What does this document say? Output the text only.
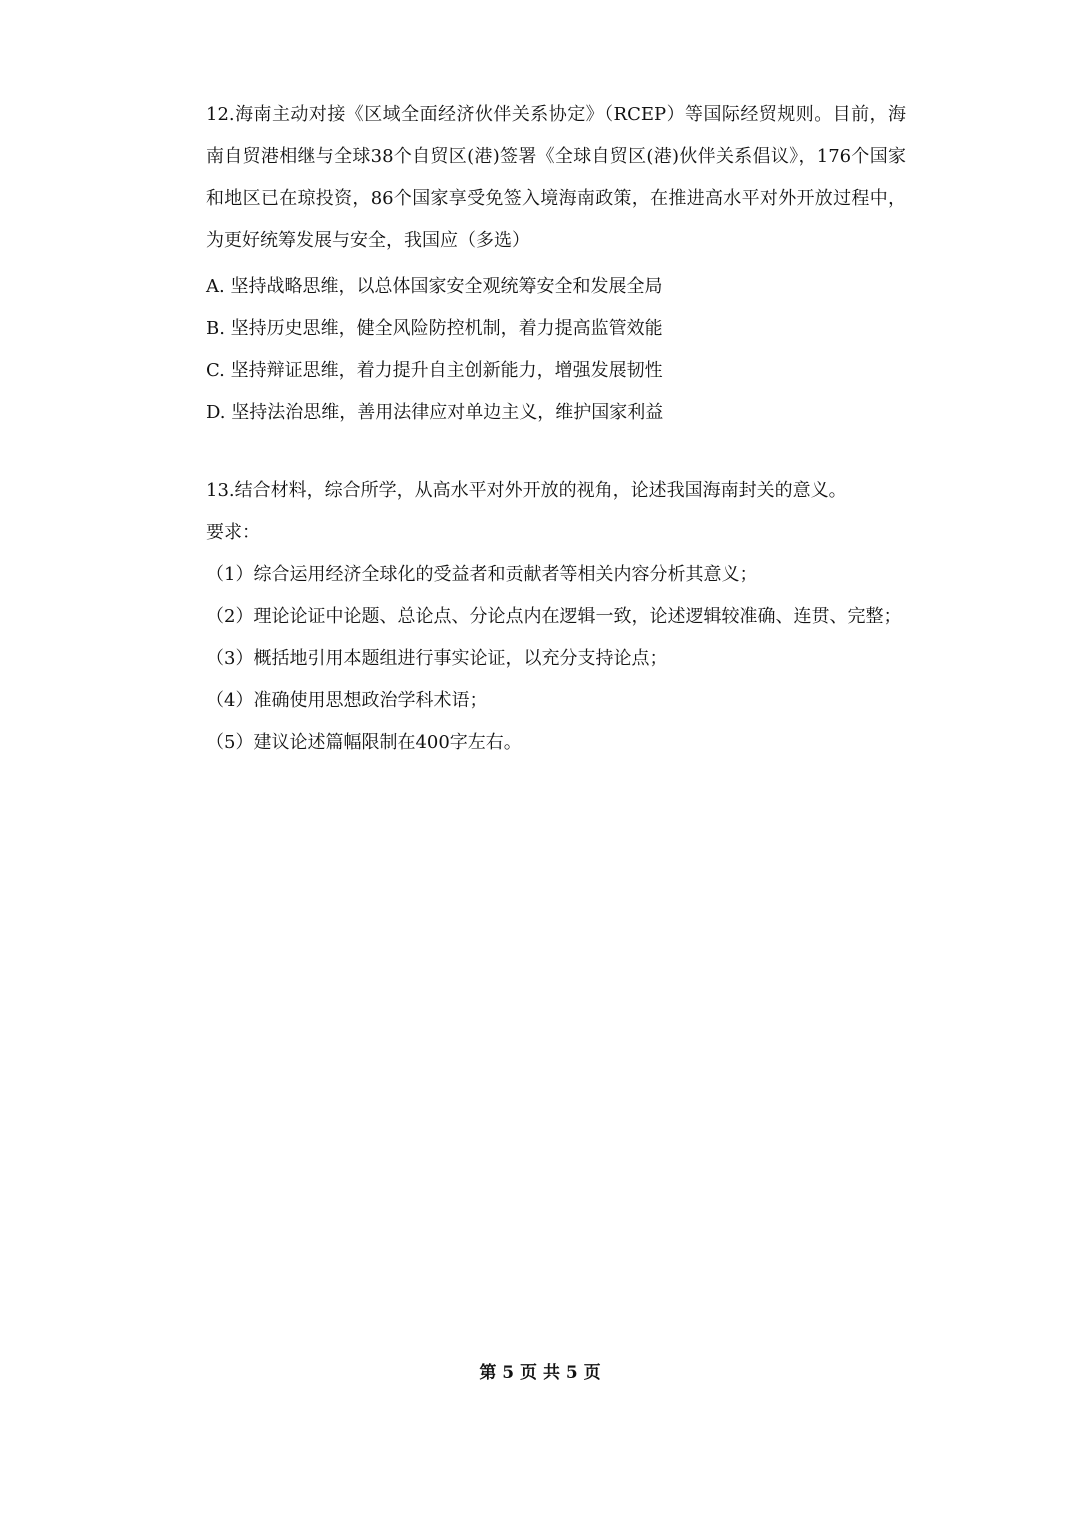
12.海南主动对接《区域全面经济伙伴关系协定》（RCEP）等国际经贸规则。目前，海南自贸港相继与全球38个自贸区(港)签署《全球自贸区(港)伙伴关系倡议》，176个国家和地区已在琼投资，86个国家享受免签入境海南政策，在推进高水平对外开放过程中，为更好统筹发展与安全，我国应（多选）

A. 坚持战略思维，以总体国家安全观统筹安全和发展全局

B. 坚持历史思维，健全风险防控机制，着力提高监管效能

C. 坚持辩证思维，着力提升自主创新能力，增强发展韧性

D. 坚持法治思维，善用法律应对单边主义，维护国家利益

13.结合材料，综合所学，从高水平对外开放的视角，论述我国海南封关的意义。

要求：

（1）综合运用经济全球化的受益者和贡献者等相关内容分析其意义；

（2）理论论证中论题、总论点、分论点内在逻辑一致，论述逻辑较准确、连贯、完整；

（3）概括地引用本题组进行事实论证，以充分支持论点；

（4）准确使用思想政治学科术语；

（5）建议论述篇幅限制在400字左右。

第 5 页 共 5 页
